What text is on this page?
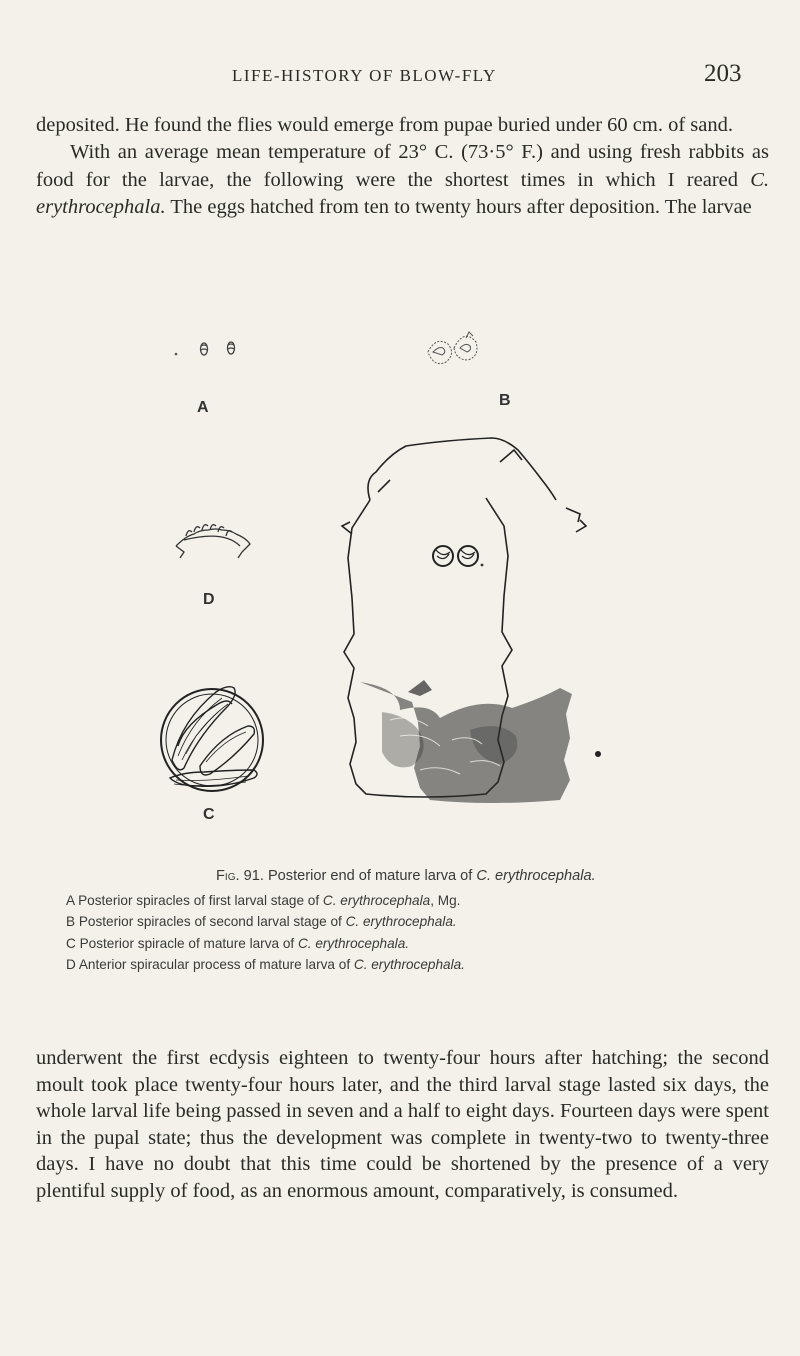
LIFE-HISTORY OF BLOW-FLY	203

deposited. He found the flies would emerge from pupae buried under 60 cm. of sand.

With an average mean temperature of 23° C. (73·5° F.) and using fresh rabbits as food for the larvae, the following were the shortest times in which I reared C. erythrocephala. The eggs hatched from ten to twenty hours after deposition. The larvae

A	B
D
C
Fig. 91. Posterior end of mature larva of C. erythrocephala.
A Posterior spiracles of first larval stage of C. erythrocephala, Mg.
B Posterior spiracles of second larval stage of C. erythrocephala.
C Posterior spiracle of mature larva of C. erythrocephala.
D Anterior spiracular process of mature larva of C. erythrocephala.

underwent the first ecdysis eighteen to twenty-four hours after hatching; the second moult took place twenty-four hours later, and the third larval stage lasted six days, the whole larval life being passed in seven and a half to eight days. Fourteen days were spent in the pupal state; thus the development was complete in twenty-two to twenty-three days. I have no doubt that this time could be shortened by the presence of a very plentiful supply of food, as an enormous amount, comparatively, is consumed.
